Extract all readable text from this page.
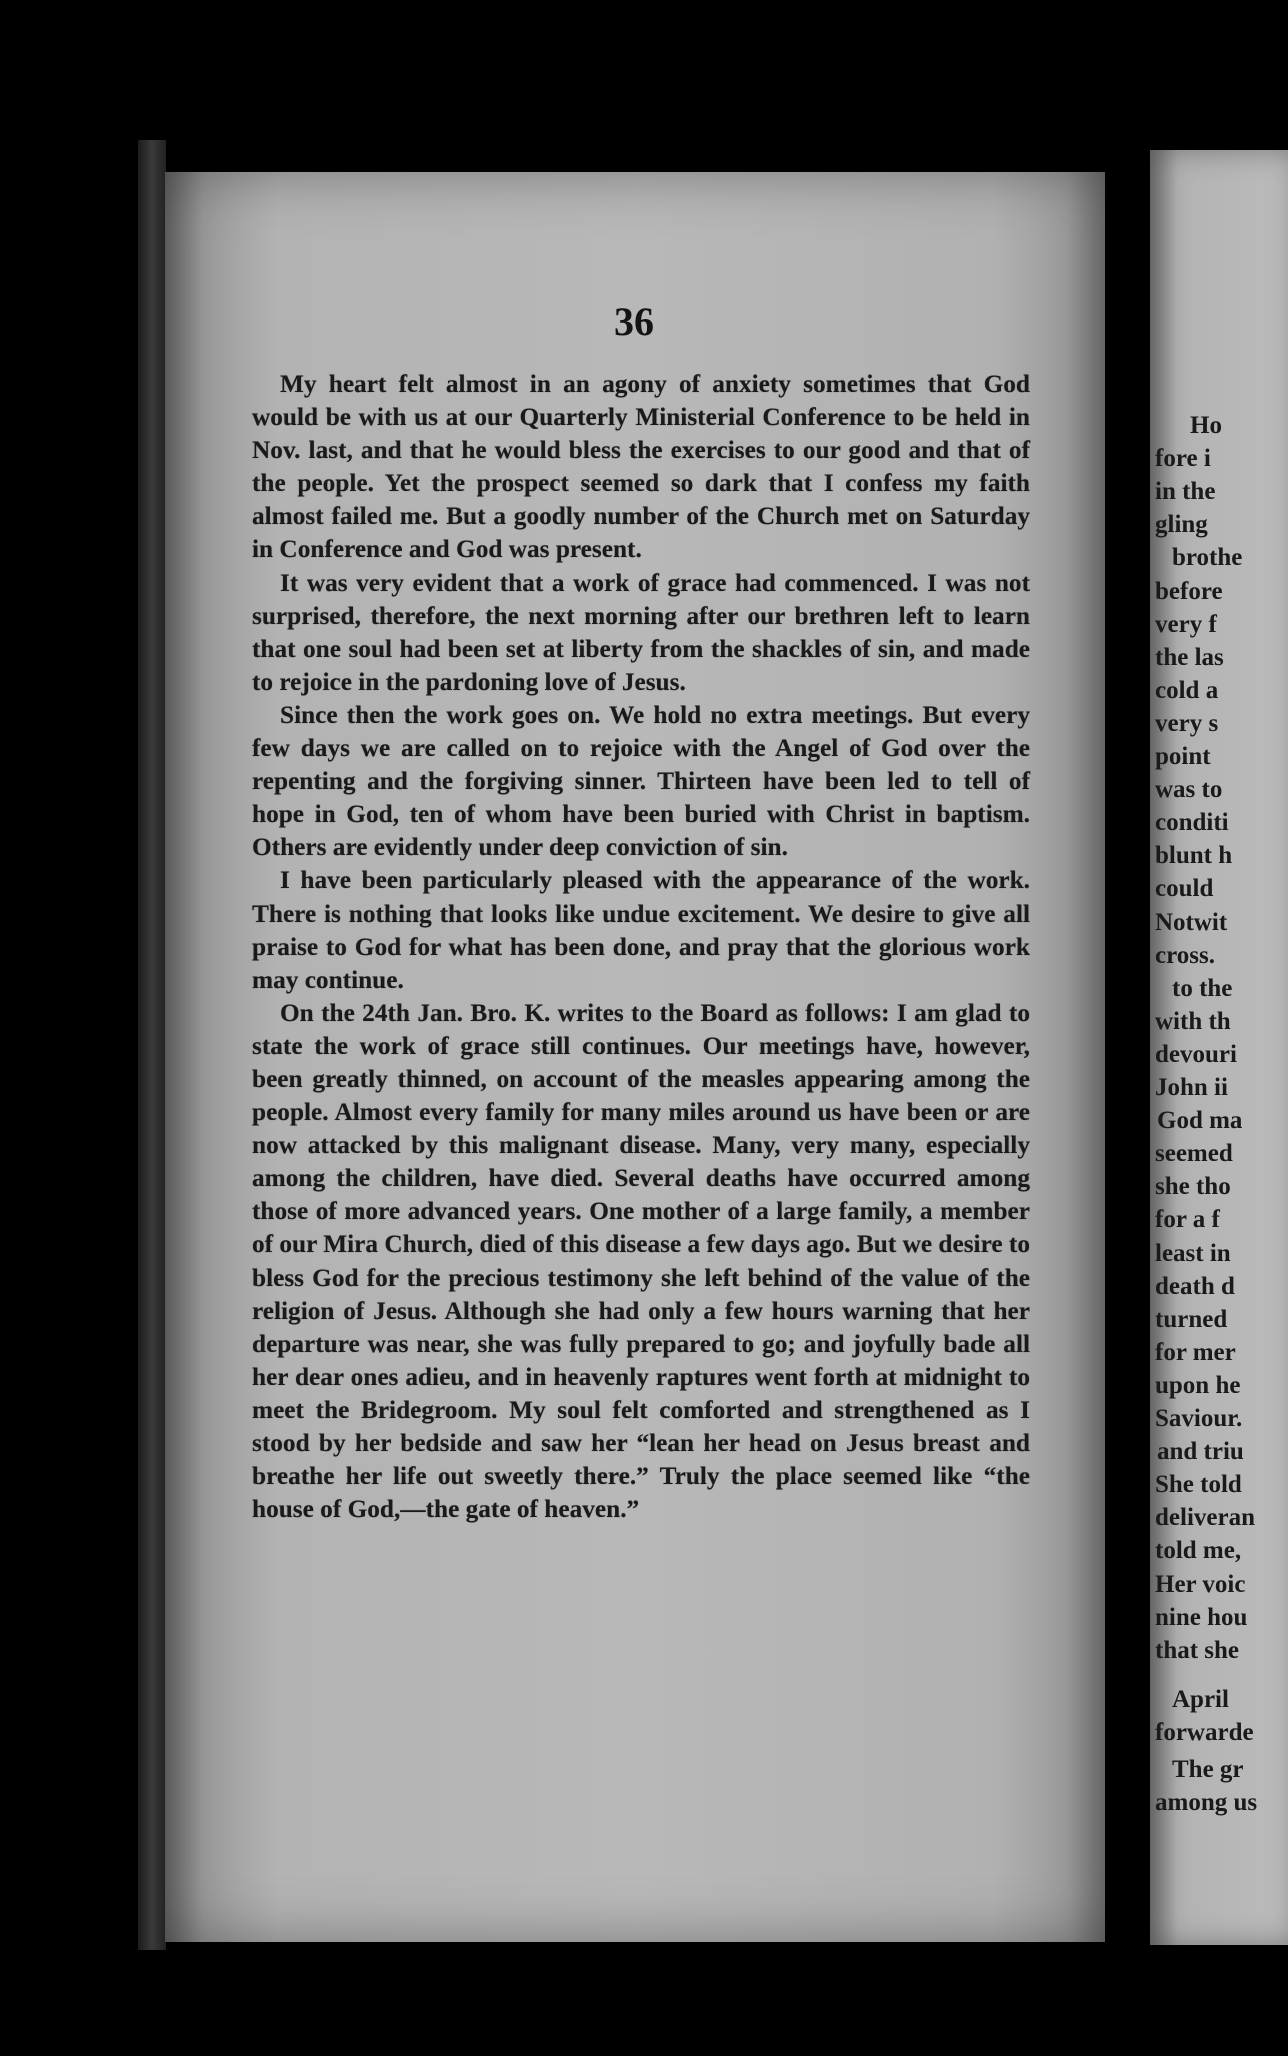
36

My heart felt almost in an agony of anxiety sometimes that God would be with us at our Quarterly Ministerial Conference to be held in Nov. last, and that he would bless the exercises to our good and that of the people. Yet the prospect seemed so dark that I confess my faith almost failed me. But a goodly number of the Church met on Saturday in Conference and God was present.

It was very evident that a work of grace had commenced. I was not surprised, therefore, the next morning after our brethren left to learn that one soul had been set at liberty from the shackles of sin, and made to rejoice in the pardoning love of Jesus.

Since then the work goes on. We hold no extra meetings. But every few days we are called on to rejoice with the Angel of God over the repenting and the forgiving sinner. Thirteen have been led to tell of hope in God, ten of whom have been buried with Christ in baptism. Others are evidently under deep conviction of sin.

I have been particularly pleased with the appearance of the work. There is nothing that looks like undue excitement. We desire to give all praise to God for what has been done, and pray that the glorious work may continue.

On the 24th Jan. Bro. K. writes to the Board as follows: I am glad to state the work of grace still continues. Our meetings have, however, been greatly thinned, on account of the measles appearing among the people. Almost every family for many miles around us have been or are now attacked by this malignant disease. Many, very many, especially among the children, have died. Several deaths have occurred among those of more advanced years. One mother of a large family, a member of our Mira Church, died of this disease a few days ago. But we desire to bless God for the precious testimony she left behind of the value of the religion of Jesus. Although she had only a few hours warning that her departure was near, she was fully prepared to go; and joyfully bade all her dear ones adieu, and in heavenly raptures went forth at midnight to meet the Bridegroom. My soul felt comforted and strengthened as I stood by her bedside and saw her “lean her head on Jesus breast and breathe her life out sweetly there.” Truly the place seemed like “the house of God,—the gate of heaven.”

Ho
fore i
in the
gling
brothe
before
very f
the las
cold a
very s
point
was to
conditi
blunt h
could
Notwit
cross.
to the
with th
devouri
John ii
God ma
seemed
she tho
for a f
least in
death d
turned
for mer
upon he
Saviour.
and triu
She told
deliveran
told me,
Her voic
nine hou
that she
April
forwarde
The gr
among us
